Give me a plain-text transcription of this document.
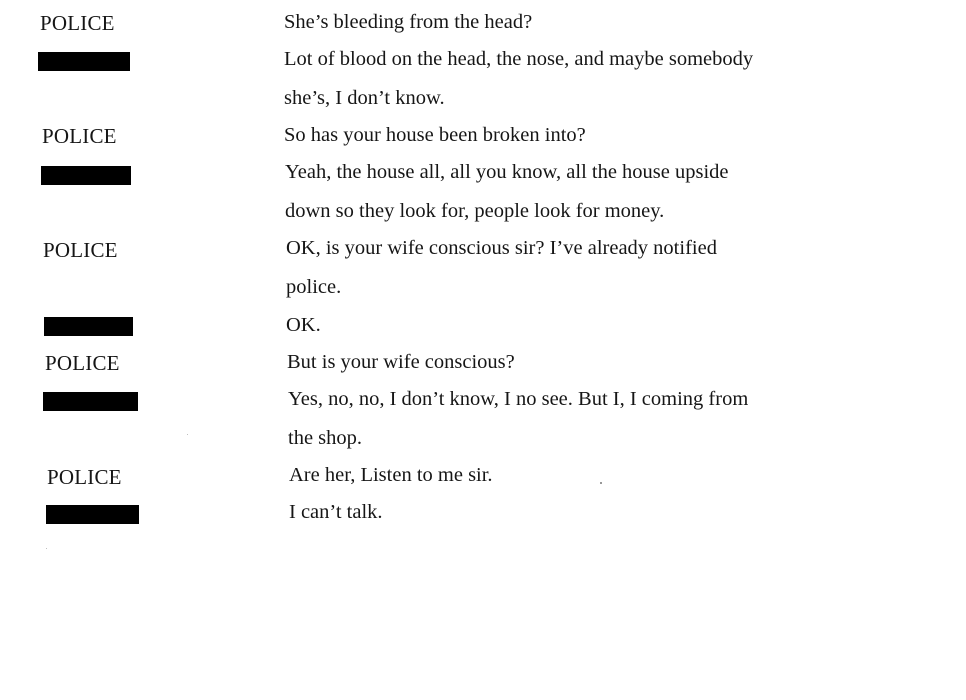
POLICE
POLICE
POLICE
POLICE
POLICE
She’s bleeding from the head?
Lot of blood on the head, the nose, and maybe somebody
she’s, I don’t know.
So has your house been broken into?
Yeah, the house all, all you know, all the house upside
down so they look for, people look for money.
OK, is your wife conscious sir? I’ve already notified
police.
OK.
But is your wife conscious?
Yes, no, no, I don’t know, I no see. But I, I coming from
the shop.
Are her, Listen to me sir.
I can’t talk.
